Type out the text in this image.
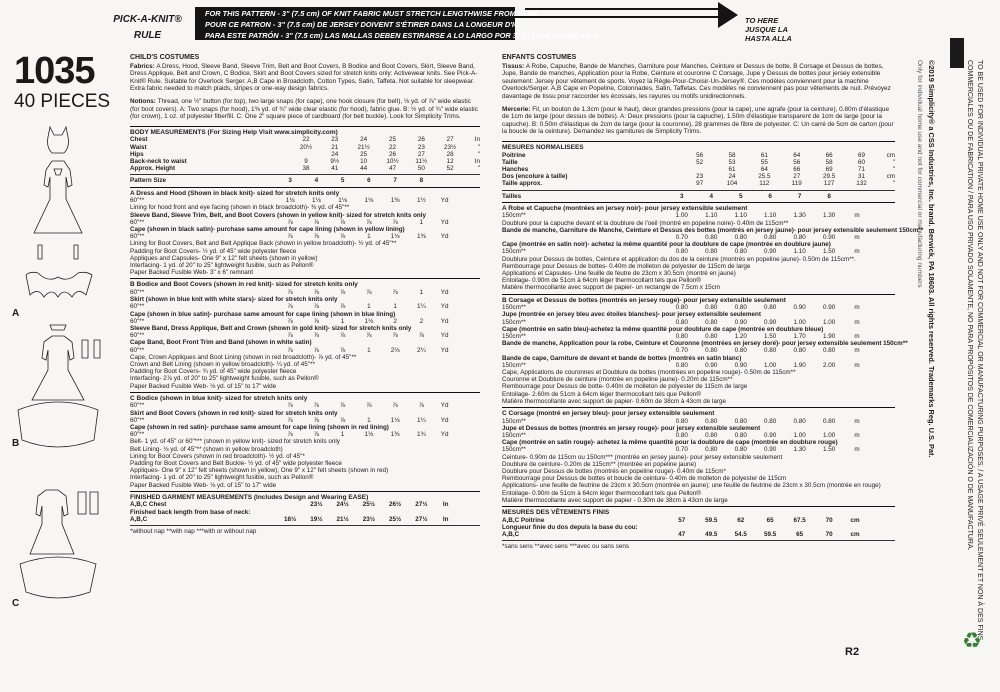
PICK-A-KNIT®
RULE
FOR THIS PATTERN - 3" (7.5 cm) OF KNIT FABRIC MUST STRETCH LENGTHWISE FROM HERE
POUR CE PATRON - 3" (7.5 cm) DE JERSEY DOIVENT S'ÉTIRER DANS LA LONGEUR D'ICI
PARA ESTE PATRÓN - 3" (7.5 cm) LAS MALLAS DEBEN ESTIRARSE A LO LARGO POR 3" (7.5 cm) DESDE AQUÍ
TO HERE
JUSQUE LA
HASTA ALLA
1035
40 PIECES
A
B
C
CHILD'S COSTUMES
Fabrics: A Dress, Hood, Sleeve Band, Sleeve Trim, Belt and Boot Covers, B Bodice and Boot Covers, Skirt, Sleeve Band, Dress Applique, Belt and Crown, C Bodice, Skirt and Boot Covers sized for stretch knits only: Activewear knits. See Pick-A-Knit® Rule. Suitable for Overlock Serger. A,B Cape in Broadcloth, Cotton Types, Satin, Taffeta. Not suitable for sleepwear. Extra fabric needed to match plaids, stripes or one-way design fabrics.
Notions: Thread, one ½" button (for top), two large snaps (for cape), one hook closure (for belt), ⅛ yd. of ⅞" wide elastic (for boot covers). A: Two snaps (for hood), 1⅜ yd. of ¾" wide clear elastic (for hood), fabric glue. B: ½ yd. of ¾" wide elastic (for crown), 1 oz. of polyester fiberfill. C: One 2" square piece of cardboard (for belt buckle). Look for Simplicity Trims.
BODY MEASUREMENTS (For Sizing Help Visit www.simplicity.com)
Chest	22	23	24	25	26	27	In
Waist	20½	21	21½	22	23	23½	"
Hips		24	25	26	27	28	"
Back-neck to waist	9	9½	10	10½	11½	12	In
Approx. Height	38	41	44	47	50	52	"
Pattern Size	3	4	5	6	7	8
A Dress and Hood (Shown in black knit)- sized for stretch knits only
60"**	1⅛	1⅛	1⅛	1⅛	1⅜	1½	Yd
Lining for hood front and eye facing (shown in black broadcloth)- ⅜ yd. of 45"**
Sleeve Band, Sleeve Trim, Belt, and Boot Covers (shown in yellow knit)- sized for stretch knits only
60"**	⅞	⅞	⅞	⅞	⅞	1	Yd
Cape (shown in black satin)- purchase same amount for cape lining (shown in yellow lining)
60"**	⅞	⅞	⅞	1	1⅛	1⅜	Yd
Lining for Boot Covers, Belt and Belt Applique Back (shown in yellow broadcloth)- ½ yd. of 45"**
Padding for Boot Covers- ½ yd. of 45" wide polyester fleece
Appliques and Capsules- One 9" x 12" felt sheets (shown in yellow)
Interfacing- 1 yd. of 20" to 25" lightweight fusible, such as Pellon®
Paper Backed Fusible Web- 3" x 6" remnant
B Bodice and Boot Covers (shown in red knit)- sized for stretch knits only
60"**	⅞	⅞	⅞	⅞	⅞	1	Yd
Skirt (shown in blue knit with white stars)- sized for stretch knits only
60"**	⅞	⅞	⅞	1	1	1¼	Yd
Cape (shown in blue satin)- purchase same amount for cape lining (shown in blue lining)
60"**	⅞	⅞	1	1⅛	2	2	Yd
Sleeve Band, Dress Applique, Belt and Crown (shown in gold knit)- sized for stretch knits only
60"**	⅞	⅞	⅞	⅞	⅞	⅞	Yd
Cape Band, Boot Front Trim and Band (shown in white satin)
60"**	⅞	⅞	⅞	1	2⅛	2¼	Yd
Cape, Crown Appliques and Boot Lining (shown in red broadcloth)- ⅞ yd. of 45"**
Crown and Belt Lining (shown in yellow broadcloth)- ¼ yd. of 45"**
Padding for Boot Covers- ¾ yd. of 45" wide polyester fleece
Interfacing- 2⅞ yd. of 20" to 25" lightweight fusible, such as Pellon®
Paper Backed Fusible Web- ⅛ yd. of 15" to 17" wide
C Bodice (shown in blue knit)- sized for stretch knits only
60"**	⅞	⅞	⅞	⅞	⅞	⅞	Yd
Skirt and Boot Covers (shown in red knit)- sized for stretch knits only
60"**	⅞	⅞	⅞	1	1⅛	1¼	Yd
Cape (shown in red satin)- purchase same amount for cape lining (shown in red lining)
60"**	⅞	⅞	1	1⅛	1⅜	1¾	Yd
Belt- 1 yd. of 45" or 60"*** (shown in yellow knit)- sized for stretch knits only
Belt Lining- ⅛ yd. of 45"** (shown in yellow broadcloth)
Lining for Boot Covers (shown in red broadcloth)- ½ yd. of 45"*
Padding for Boot Covers and Belt Buckle- ½ yd. of 45" wide polyester fleece
Appliques- One 9" x 12" felt sheets (shown in yellow); One 9" x 12" felt sheets (shown in red)
Interfacing- 1 yd. of 20" to 25" lightweight fusible, such as Pellon®
Paper Backed Fusible Web- ⅛ yd. of 15" to 17" wide
FINISHED GARMENT MEASUREMENTS (Includes Design and Wearing EASE)
A,B,C Chest	23½	24½	25½	26½	27½	In
Finished back length from base of neck:
A,B,C	18½	19½	21½	23½	25½	27½	In
*without nap **with nap ***with or without nap
ENFANTS COSTUMES
Tissus: A Robe, Capuche, Bande de Manches, Garniture pour Manches, Ceinture et Dessus de botte, B Corsage et Dessus de bottes, Jupe, Bande de manches, Application pour la Robe, Ceinture et couronne C Corsage, Jupe y Dessus de bottes pour jersey extensible seulement: Jersey pour vêtement de sports. Voyez la Règle-Pour-Choisir-Un-Jersey®. Ces modèles conviennent pour la machine Overlock/Serger. A,B Cape en Popeline, Cotonnades, Satin, Taffetas. Ces modèles ne conviennent pas pour vêtements de nuit. Prévoyez davantage de tissu pour raccorder les écossais, les rayures ou motifs unidirectionnels.
Mercerie: Fil, un bouton de 1.3cm (pour le haut), deux grandes pressions (pour la cape), une agrafe (pour la ceinture), 0.80m d'élastique de 1cm de large (pour dessus de bottes). A: Deux pressions (pour la capuche), 1.50m d'élastique transparent de 1cm de large (pour la capuche). B: 0.50m d'élastique de 2cm de large (pour la couronne), 28 grammes de fibre de polyester. C: Un carré de 5cm de carton (pour la boucle de la ceinture). Demandez les garnitures de Simplicity Trims.
MESURES NORMALISEES
Poitrine	56	58	61	64	66	69	cm
Taille	52	53	55	56	58	60	"
Hanches		61	64	66	69	71	"
Dos (encolure à taille)	23	24	25.5	27	29.5	31	cm
Taille approx.	97	104	112	119	127	132	"
Tailles	3	4	5	6	7	8
A Robe et Capuche (montrées en jersey noir)- pour jersey extensible seulement
150cm**	1.00	1.10	1.10	1.10	1.30	1.30	m
Doublure pour la capuche devant et la doublure de l'oeil (montré en popeline noire)- 0.40m de 115cm**
Bande de manche, Garniture de Manche, Ceinture et Dessus des bottes (montrés en jersey jaune)- pour jersey extensible seulement 150cm**
0.70	0.80	0.80	0.80	0.80	0.90	m
Cape (montrée en satin noir)- achetez la même quantité pour la doublure de cape (montrée en doublure jaune)
150cm**	0.80	0.80	0.80	0.90	1.10	1.50	m
Doublure pour Dessus de bottes, Ceinture et application du dos de la ceinture (montrés en popeline jaune)- 0.50m de 115cm**. Rembourrage pour Dessus de bottes- 0.40m de molleton de polyester de 115cm de large
Applications et Capsules- Une feuille de feutre de 23cm x 30.5cm (montré en jaune)
Entoilage- 0.90m de 51cm à 64cm léger thermocollant tels que Pellon®
Matière thermocollante avec support de papier- un rectangle de 7.5cm x 15cm
B Corsage et Dessus de bottes (montrés en jersey rouge)- pour jersey extensible seulement
150cm**	0.80	0.80	0.80	0.80	0.90	0.90	m
Jupe (montrée en jersey bleu avec étoiles blanches)- pour jersey extensible seulement
150cm**	0.80	0.80	0.90	0.90	1.00	1.00	m
Cape (montrée en satin bleu)-achetez la même quantité pour doublure de cape (montrée en doublure bleue)
150cm**	0.80	0.80	1.20	1.50	1.70	1.90	m
Bande de manche, Application pour la robe, Ceinture et Couronne (montrées en jersey doré)- pour jersey extensible seulement 150cm**
0.70	0.80	0.80	0.80	0.80	0.80	m
Bande de cape, Garniture de devant et bande de bottes (montrés en satin blanc)
150cm**	0.80	0.90	0.90	1.00	1.90	2.00	m
Cape, Applications de couronnes et Doublure de bottes (montrées en popeline rouge)- 0.50m de 115cm**
Couronne et Doublure de ceinture (montrée en popeline jaune)- 0.20m de 115cm**
Rembourrage pour Dessus de botte- 0.40m de molleton de polyester de 115cm de large
Entoilage- 2.60m de 51cm à 64cm léger thermocollant tels que Pellon®
Matière thermocollante avec support de papier- 0.60m de 38cm à 43cm de large
C Corsage (montré en jersey bleu)- pour jersey extensible seulement
150cm**	0.80	0.80	0.80	0.80	0.80	0.80	m
Jupe et Dessus de bottes (montrés en jersey rouge)- pour jersey extensible seulement
150cm**	0.80	0.80	0.80	0.90	1.00	1.00	m
Cape (montrée en satin rouge)- achetez la même quantité pour la doublure de cape (montrée en doublure rouge)
150cm**	0.70	0.80	0.80	0.90	1.30	1.50	m
Ceinture- 0.90m de 115cm ou 150cm*** (montrée en jersey jaune)- pour jersey extensible seulement
Doublure de ceinture- 0.20m de 115cm** (montrée en popeline jaune)
Doublure pour Dessus de bottes (montrés en popeline rouge)- 0.40m de 115cm*
Rembourrage pour Dessus de bottes et boucle de ceinture- 0.40m de molleton de polyester de 115cm
Applications- une feuille de feutrine de 23cm x 30.5cm (montrée en jaune); une feuille de feutrine de 23cm x 30.5cm (montrée en rouge)
Entoilage- 0.90m de 51cm à 64cm léger thermocollant tels que Pellon®
Matière thermocollante avec support de papier - 0.30m de 38cm à 43cm de large
MESURES DES VÊTEMENTS FINIS
A,B,C Poitrine	57	59.5	62	65	67.5	70	cm
Longueur finie du dos depuis la base du cou:
A,B,C	47	49.5	54.5	59.5	65	70	cm
*sans sens **avec sens ***avec ou sans sens
R2
©2019 Simplicity® a CSS Industries, Inc. brand. Berwick, PA 18603. All rights reserved. Trademarks Reg. U.S. Pat.
Only for individual home use and not for commercial or manufacturing numbers	TO BE USED FOR INDIVIDUAL PRIVATE HOME USE ONLY AND NOT FOR COMMERCIAL OR MANUFACTURING PURPOSES. / A USAGE PRIVÉ SEULEMENT ET NON À DES FINS
COMMERCIALES OU DE FABRICATION / PARA USO PRIVADO SOLAMENTE, NO PARA PROPÓSITOS DE COMERCIALIZACIÓN O DE MANUFACTURA.
♻
